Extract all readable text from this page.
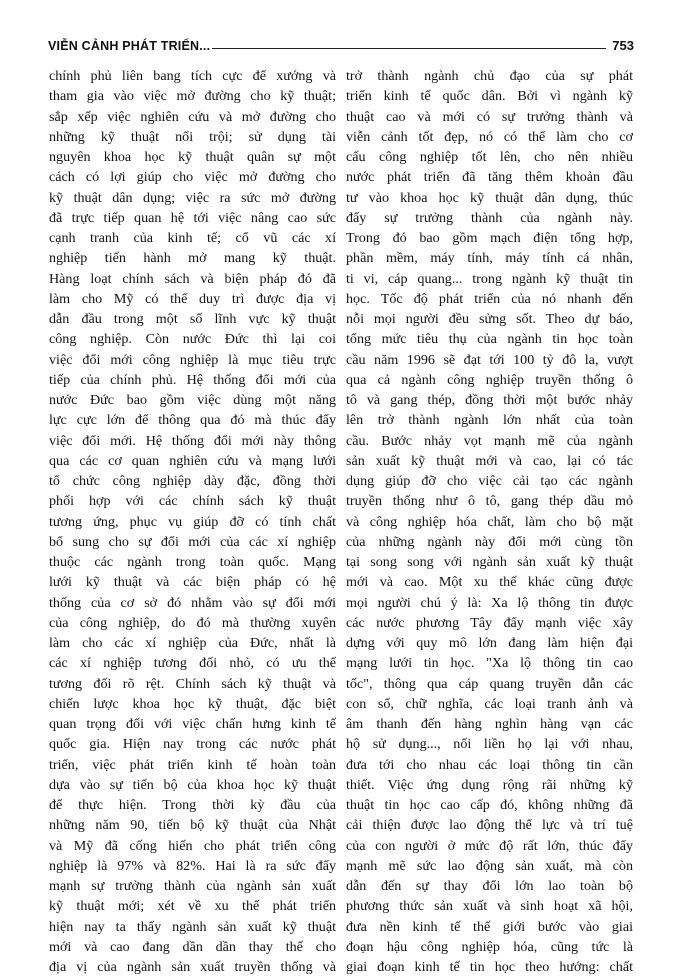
VIỄN CẢNH PHÁT TRIỂN...	753
chính phủ liên bang tích cực để xướng và
tham gia vào việc mở đường cho kỹ thuật;
sắp xếp việc nghiên cứu và mở đường cho
những kỹ thuật nổi trội; sử dụng tài
nguyên khoa học kỹ thuật quân sự một
cách có lợi giúp cho việc mở đường cho
kỹ thuật dân dụng; việc ra sức mở đường
đã trực tiếp quan hệ tới việc nâng cao sức
cạnh tranh của kinh tế; cổ vũ các xí
nghiệp tiến hành mở mang kỹ thuật.
Hàng loạt chính sách và biện pháp đó đã
làm cho Mỹ có thể duy trì được địa vị
dẫn đầu trong một số lĩnh vực kỹ thuật
công nghiệp. Còn nước Đức thì lại coi
việc đổi mới công nghiệp là mục tiêu trực
tiếp của chính phủ. Hệ thống đổi mới của
nước Đức bao gồm việc dùng một năng
lực cực lớn để thông qua đó mà thúc đẩy
việc đổi mới. Hệ thống đổi mới này thông
qua các cơ quan nghiên cứu và mạng lưới
tổ chức công nghiệp dày đặc, đồng thời
phối hợp với các chính sách kỹ thuật
tương ứng, phục vụ giúp đỡ có tính chất
bổ sung cho sự đổi mới của các xí nghiệp
thuộc các ngành trong toàn quốc. Mạng
lưới kỹ thuật và các biện pháp có hệ
thống của cơ sở đó nhằm vào sự đổi mới
của công nghiệp, do đó mà thường xuyên
làm cho các xí nghiệp của Đức, nhất là
các xí nghiệp tương đối nhỏ, có ưu thế
tương đối rõ rệt. Chính sách kỹ thuật và
chiến lược khoa học kỹ thuật, đặc biệt
quan trọng đối với việc chấn hưng kinh tế
quốc gia. Hiện nay trong các nước phát
triển, việc phát triển kinh tế hoàn toàn
dựa vào sự tiến bộ của khoa học kỹ thuật
để thực hiện. Trong thời kỳ đầu của
những năm 90, tiến bộ kỹ thuật của Nhật
và Mỹ đã cống hiến cho phát triển công
nghiệp là 97% và 82%. Hai là ra sức đẩy
mạnh sự trưởng thành của ngành sản xuất
kỹ thuật mới; xét về xu thế phát triển
hiện nay ta thấy ngành sản xuất kỹ thuật
mới và cao đang dần dần thay thế cho
địa vị của ngành sản xuất truyền thống và
trở thành ngành chủ đạo của sự phát
triển kinh tế quốc dân. Bởi vì ngành kỹ
thuật cao và mới có sự trưởng thành và
viễn cảnh tốt đẹp, nó có thể làm cho cơ
cấu công nghiệp tốt lên, cho nên nhiều
nước phát triển đã tăng thêm khoản đầu
tư vào khoa học kỹ thuật dân dụng, thúc
đẩy sự trưởng thành của ngành này.
Trong đó bao gồm mạch điện tổng hợp,
phần mềm, máy tính, máy tính cá nhân,
ti vi, cáp quang... trong ngành kỹ thuật tin
học. Tốc độ phát triển của nó nhanh đến
nỗi mọi người đều sửng sốt. Theo dự báo,
tổng mức tiêu thụ của ngành tin học toàn
cầu năm 1996 sẽ đạt tới 100 tỷ đô la, vượt
qua cả ngành công nghiệp truyền thống ô
tô và gang thép, đồng thời một bước nhảy
lên trở thành ngành lớn nhất của toàn
cầu. Bước nhảy vọt mạnh mẽ của ngành
sản xuất kỹ thuật mới và cao, lại có tác
dụng giúp đỡ cho việc cải tạo các ngành
truyền thống như ô tô, gang thép dầu mỏ
và công nghiệp hóa chất, làm cho bộ mặt
của những ngành này đổi mới cùng tồn
tại song song với ngành sản xuất kỹ thuật
mới và cao. Một xu thế khác cũng được
mọi người chú ý là: Xa lộ thông tin được
các nước phương Tây đẩy mạnh việc xây
dựng với quy mô lớn đang làm hiện đại
mạng lưới tin học. "Xa lộ thông tin cao
tốc", thông qua cáp quang truyền dẫn các
con số, chữ nghĩa, các loại tranh ảnh và
âm thanh đến hàng nghìn hàng vạn các
hộ sử dụng..., nối liền họ lại với nhau,
đưa tới cho nhau các loại thông tin cần
thiết. Việc ứng dụng rộng rãi những kỹ
thuật tin học cao cấp đó, không những đã
cải thiện được lao động thể lực và trí tuệ
của con người ở mức độ rất lớn, thúc đẩy
mạnh mẽ sức lao động sản xuất, mà còn
dẫn đến sự thay đổi lớn lao toàn bộ
phương thức sản xuất và sinh hoạt xã hội,
đưa nền kinh tế thế giới bước vào giai
đoạn hậu công nghiệp hóa, cũng tức là
giai đoạn kinh tế tin học theo hướng: chất
